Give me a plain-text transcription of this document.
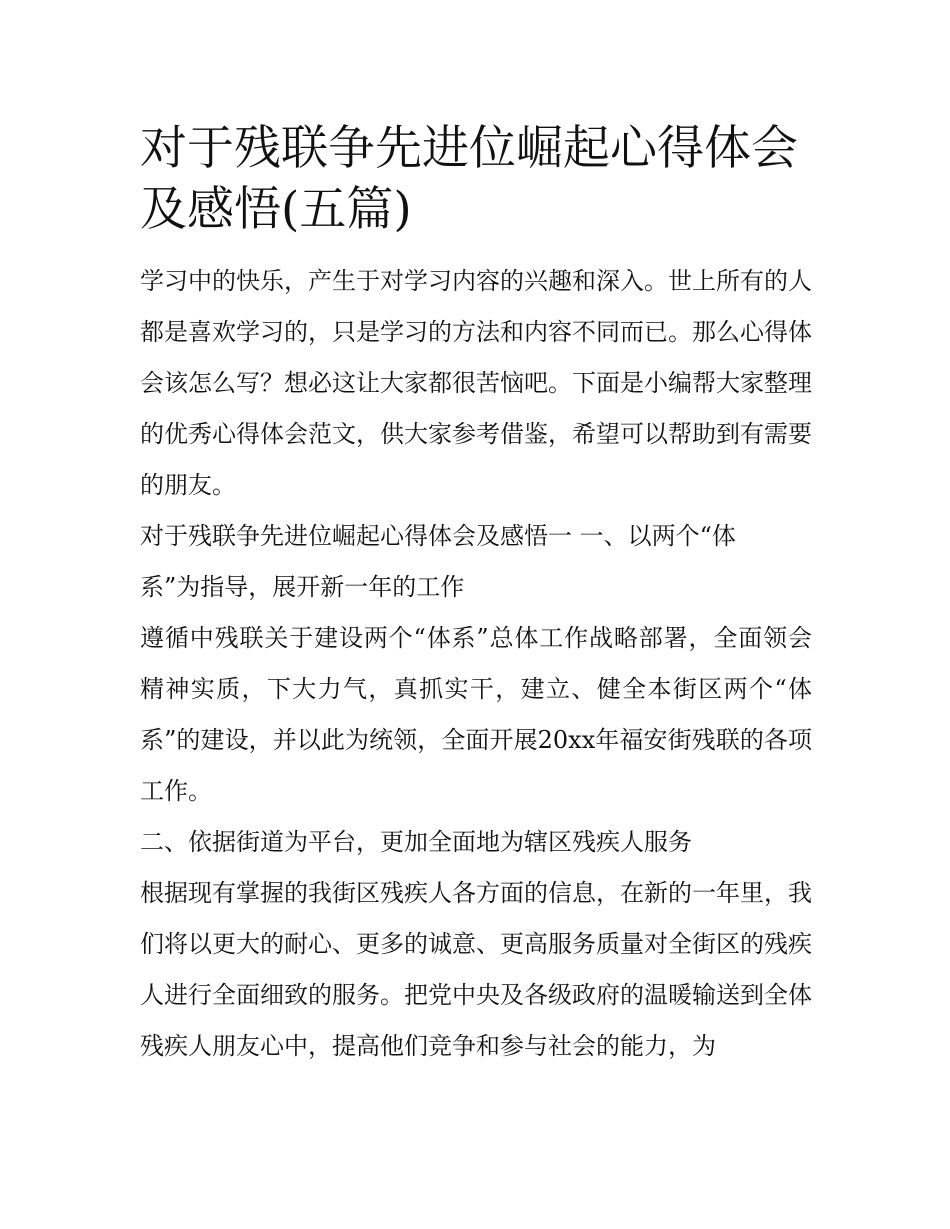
对于残联争先进位崛起心得体会及感悟(五篇)

学习中的快乐，产生于对学习内容的兴趣和深入。世上所有的人都是喜欢学习的，只是学习的方法和内容不同而已。那么心得体会该怎么写？想必这让大家都很苦恼吧。下面是小编帮大家整理的优秀心得体会范文，供大家参考借鉴，希望可以帮助到有需要的朋友。

对于残联争先进位崛起心得体会及感悟一 一、以两个“体系”为指导，展开新一年的工作

遵循中残联关于建设两个“体系”总体工作战略部署，全面领会精神实质，下大力气，真抓实干，建立、健全本街区两个“体系”的建设，并以此为统领，全面开展20xx年福安街残联的各项工作。

二、依据街道为平台，更加全面地为辖区残疾人服务

根据现有掌握的我街区残疾人各方面的信息，在新的一年里，我们将以更大的耐心、更多的诚意、更高服务质量对全街区的残疾人进行全面细致的服务。把党中央及各级政府的温暖输送到全体残疾人朋友心中，提高他们竞争和参与社会的能力，为
